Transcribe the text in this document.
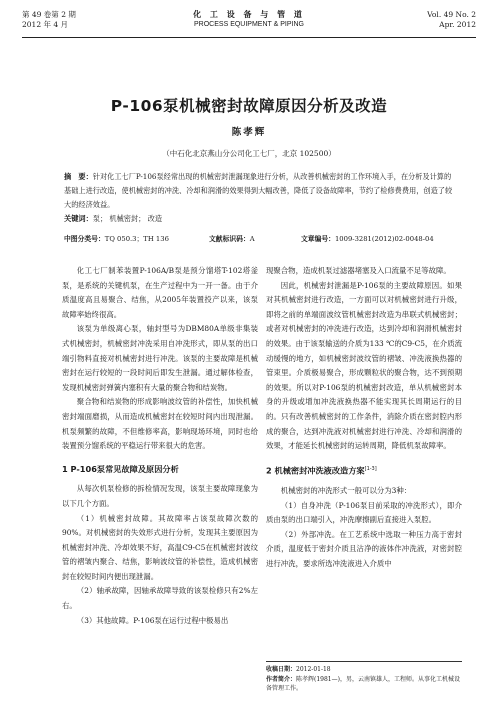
第 49 卷第 2 期
2012 年 4 月
化 工 设 备 与 管 道
PROCESS EQUIPMENT & PIPING
Vol. 49 No. 2
Apr. 2012
P-106泵机械密封故障原因分析及改造
陈孝辉
（中石化北京燕山分公司化工七厂，北京 102500）
摘　要：针对化工七厂P-106泵经常出现的机械密封泄漏现象进行分析，从改善机械密封的工作环境入手，在分析及计算的基础上进行改造，使机械密封的冲洗、冷却和润滑的效果得到大幅改善，降低了设备故障率，节约了检修费费用，创造了较大的经济效益。
关键词：泵； 机械密封； 改造
中图分类号：TQ 050.3；TH 136	文献标识码：A	文章编号：1009-3281(2012)02-0048-04

化工七厂制苯装置P-106A/B泵是预分馏塔T-102塔釜泵，是系统的关键机泵，在生产过程中为一开一备。由于介质温度高且易聚合、结焦，从2005年装置投产以来，该泵故障率始终很高。

该泵为单级离心泵，轴封型号为DBM80A单级非集装式机械密封，机械密封冲洗采用自冲洗形式，即从泵的出口端引物料直接对机械密封进行冲洗。该泵的主要故障是机械密封在运行较短的一段时间后即发生泄漏。通过解体检查，发现机械密封弹簧内塞积有大量的聚合物和结炭物。

聚合物和结炭物的形成影响波纹管的补偿性，加快机械密封端面磨损，从而造成机械密封在较短时间内出现泄漏。机泵频繁的故障，不但维修率高，影响现场环境，同时也给装置预分馏系统的平稳运行带来很大的危害。

1 P-106泵常见故障及原因分析

从每次机泵检修的拆检情况发现，该泵主要故障现象为以下几个方面。

（1）机械密封故障。其故障率占该泵故障次数的90%。对机械密封的失效形式进行分析，发现其主要原因为机械密封冲洗、冷却效果不好，高温C9-C5在机械密封波纹管的褶皱内聚合、结焦，影响波纹管的补偿性，造成机械密封在较短时间内便出现泄漏。

（2）轴承故障，因轴承故障导致的该泵检修只有2%左右。

（3）其他故障。P-106泵在运行过程中极易出

现聚合物，造成机泵过滤器堵塞及入口流量不足等故障。

因此，机械密封泄漏是P-106泵的主要故障原因。如果对其机械密封进行改造，一方面可以对机械密封进行升级，即将之前的单端面波纹管机械密封改造为串联式机械密封；或者对机械密封的冲洗进行改造，达到冷却和润滑机械密封的效果。由于该泵输送的介质为133 ℃的C9-C5，在介质流动缓慢的地方，如机械密封波纹管的褶皱、冲洗液换热器的管束里。介质极易聚合，形成颗粒状的聚合物，达不到预期的效果。所以对P-106泵的机械密封改造，单从机械密封本身的升级或增加冲洗液换热器不能实现其长周期运行的目的。只有改善机械密封的工作条件，消除介质在密封腔内形成的聚合，达到冲洗液对机械密封进行冲洗、冷却和润滑的效果，才能延长机械密封的运转周期，降低机泵故障率。

2 机械密封冲洗液改造方案[1-3]

机械密封的冲洗形式一般可以分为3种：

（1）自身冲洗（P-106泵目前采取的冲洗形式），即介质由泵的出口端引入，冲洗摩擦副后直接进入泵腔。

（2）外部冲洗。在工艺系统中选取一种压力高于密封介质，温度低于密封介质且沾净的液体作冲洗液，对密封腔进行冲洗，要求所选冲洗液进入介质中

收稿日期：2012-01-18
作者简介：陈孝辉(1981—)，男，云南镇雄人，工程师。从事化工机械设备管理工作。
